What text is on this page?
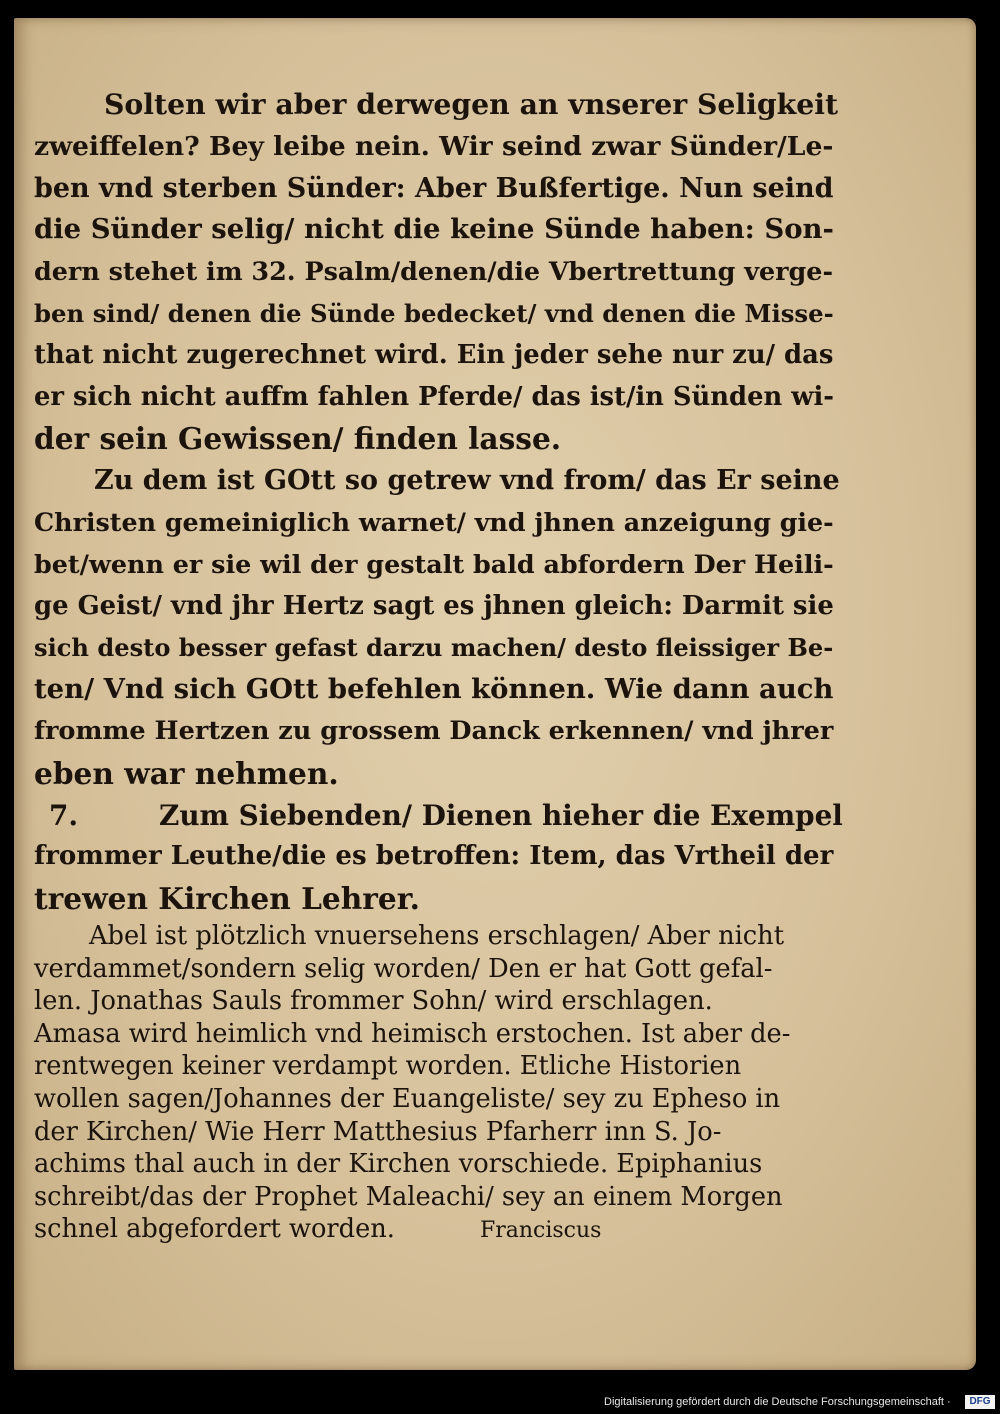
Solten wir aber derwegen an vnserer Seligkeit
zweiffelen? Bey leibe nein. Wir seind zwar Sünder/Le-
ben vnd sterben Sünder: Aber Bußfertige. Nun seind
die Sünder selig/ nicht die keine Sünde haben: Son-
dern stehet im 32. Psalm/denen/die Vbertrettung verge-
ben sind/ denen die Sünde bedecket/ vnd denen die Misse-
that nicht zugerechnet wird. Ein jeder sehe nur zu/ das
er sich nicht auffm fahlen Pferde/ das ist/in Sünden wi-
der sein Gewissen/ finden lasse.
Zu dem ist GOtt so getrew vnd from/ das Er seine
Christen gemeiniglich warnet/ vnd jhnen anzeigung gie-
bet/wenn er sie wil der gestalt bald abfordern Der Heili-
ge Geist/ vnd jhr Hertz sagt es jhnen gleich: Darmit sie
sich desto besser gefast darzu machen/ desto fleissiger Be-
ten/ Vnd sich GOtt befehlen können. Wie dann auch
fromme Hertzen zu grossem Danck erkennen/ vnd jhrer
eben war nehmen.
7.	Zum Siebenden/ Dienen hieher die Exempel
frommer Leuthe/die es betroffen: Item, das Vrtheil der
trewen Kirchen Lehrer.
Abel ist plötzlich vnuersehens erschlagen/ Aber nicht
verdammet/sondern selig worden/ Den er hat Gott gefal-
len. Jonathas Sauls frommer Sohn/ wird erschlagen.
Amasa wird heimlich vnd heimisch erstochen. Ist aber de-
rentwegen keiner verdampt worden. Etliche Historien
wollen sagen/Johannes der Euangeliste/ sey zu Epheso in
der Kirchen/ Wie Herr Matthesius Pfarherr inn S. Jo-
achims thal auch in der Kirchen vorschiede. Epiphanius
schreibt/das der Prophet Maleachi/ sey an einem Morgen
schnel abgefordert worden.	Franciscus
Digitalisierung gefördert durch die Deutsche Forschungsgemeinschaft ·	DFG
